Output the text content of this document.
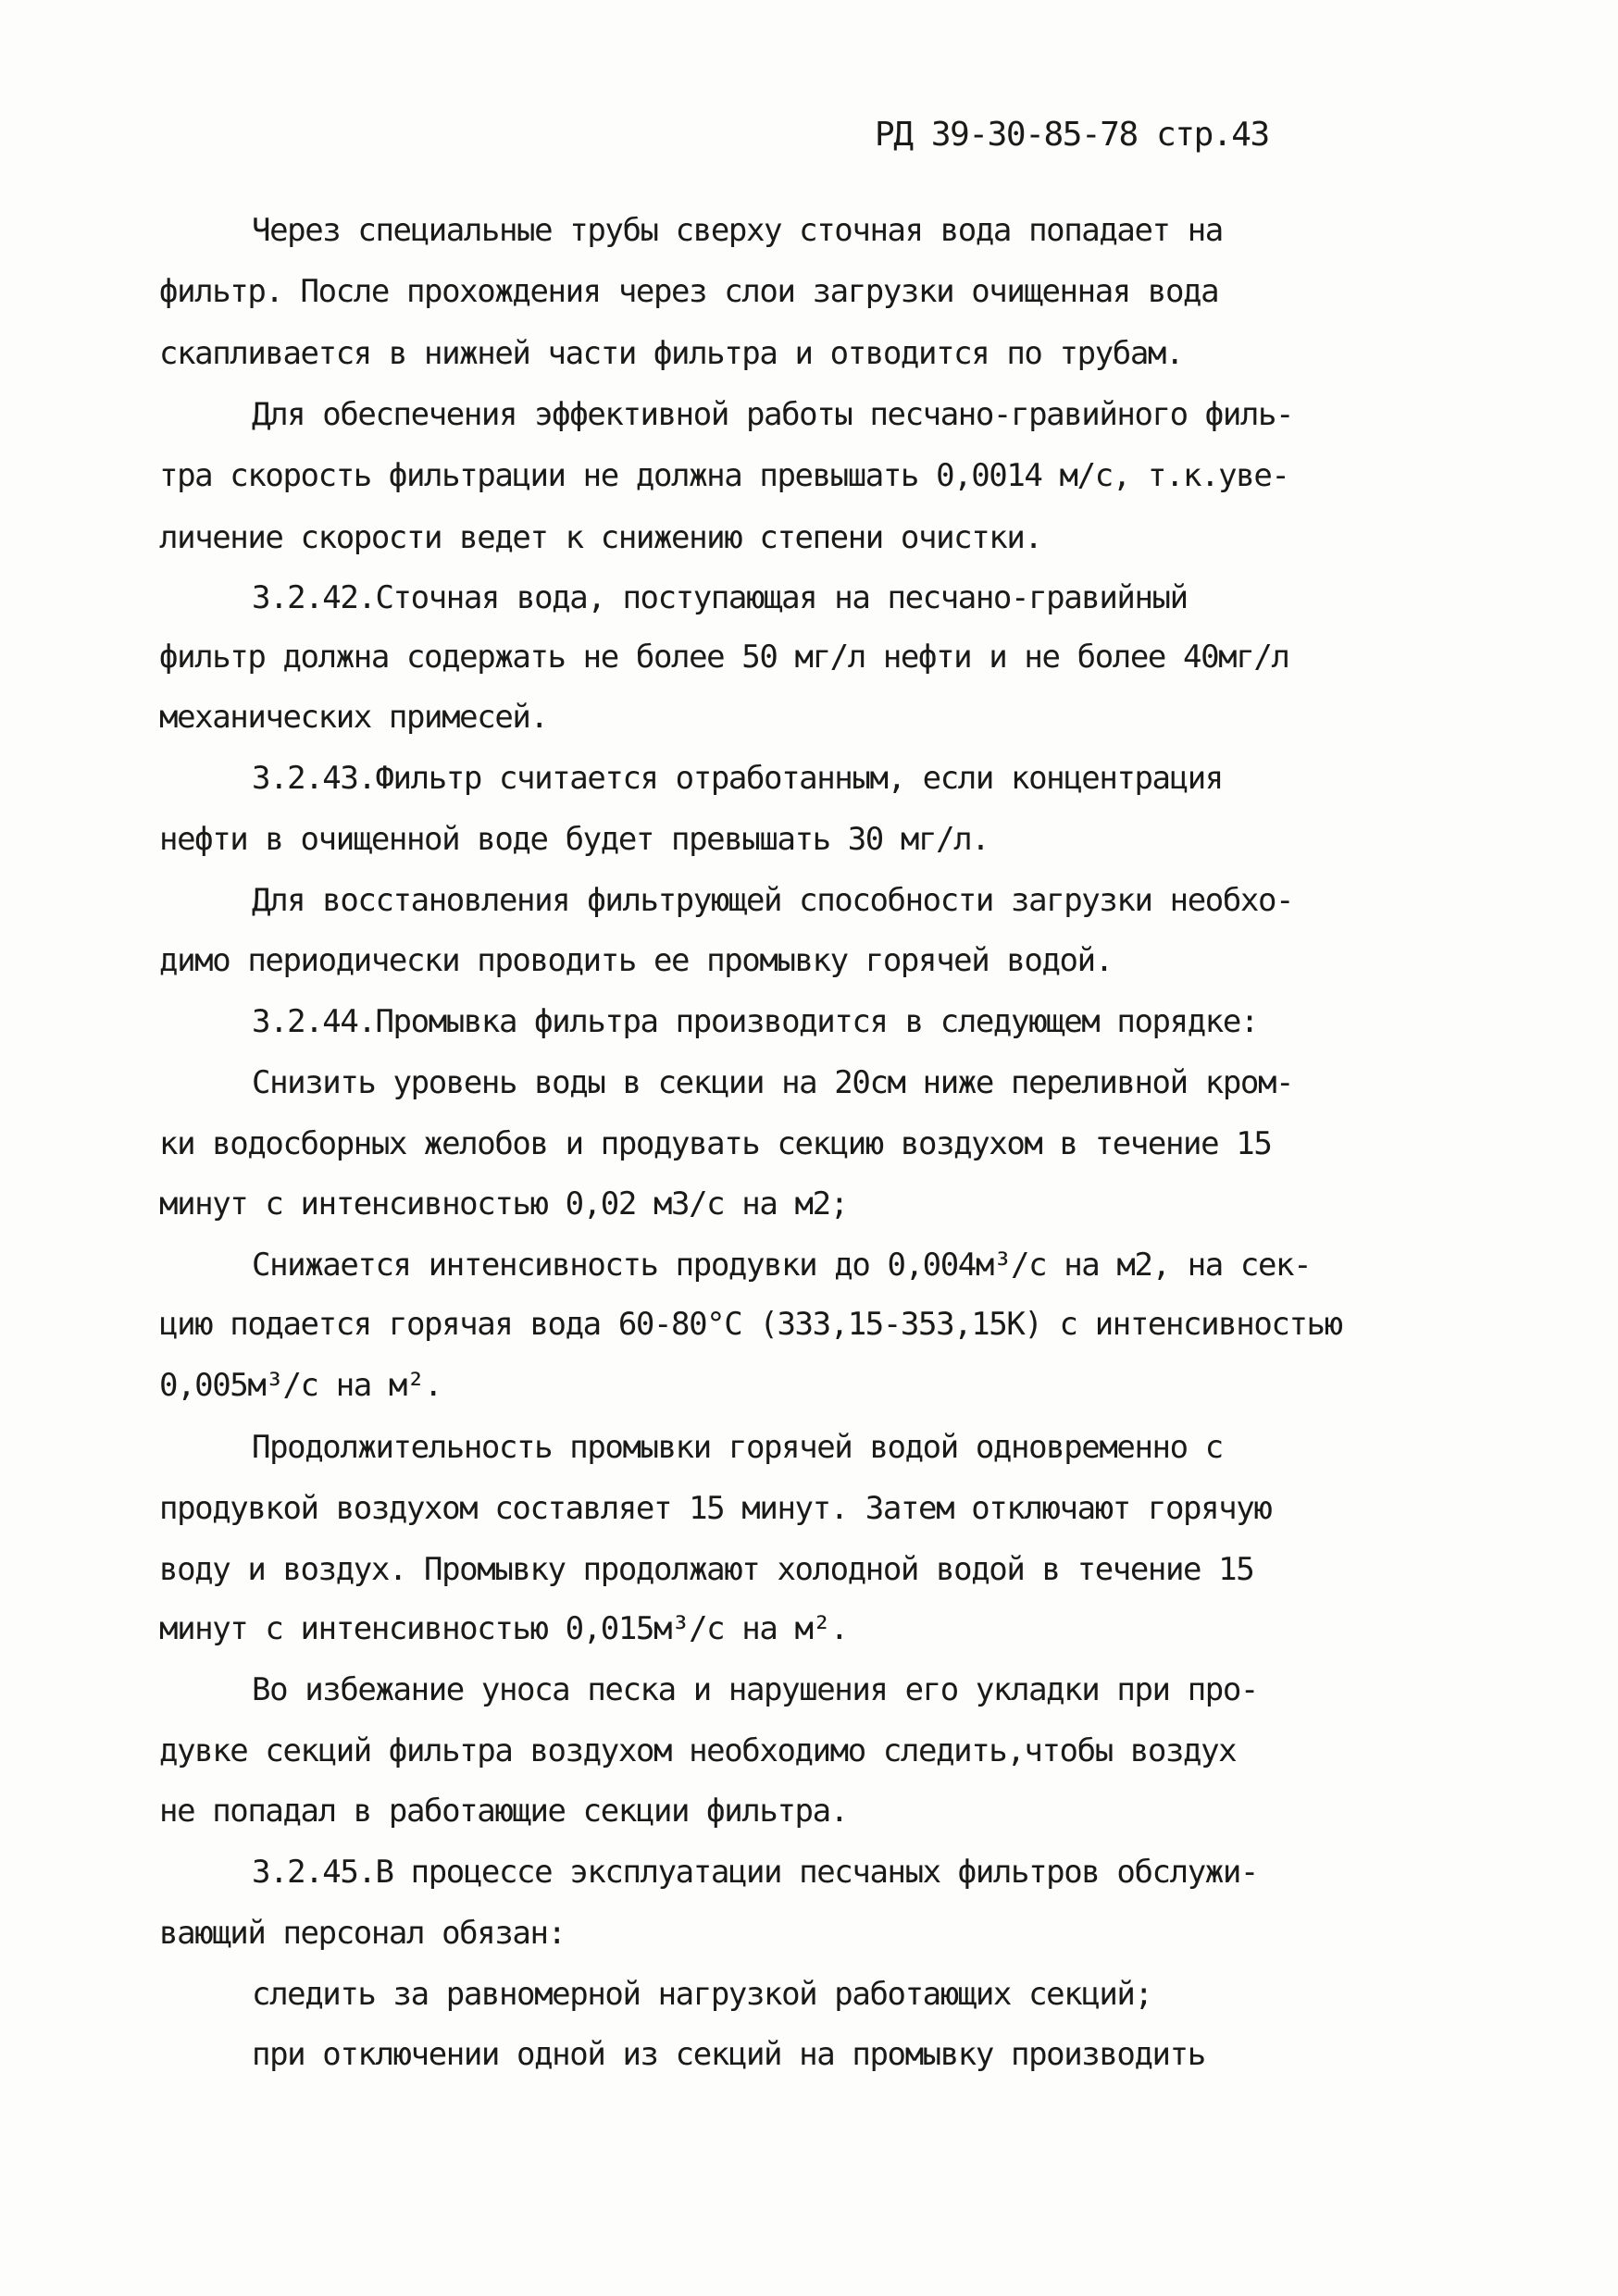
РД 39-30-85-78 стр.43
Через специальные трубы сверху сточная вода попадает на
фильтр. После прохождения через слои загрузки очищенная вода
скапливается в нижней части фильтра и отводится по трубам.
Для обеспечения эффективной работы песчано-гравийного филь-
тра скорость фильтрации не должна превышать 0,0014 м/с, т.к.уве-
личение скорости ведет к снижению степени очистки.
3.2.42.Сточная вода, поступающая на песчано-гравийный
фильтр должна содержать не более 50 мг/л нефти и не более 40мг/л
механических примесей.
3.2.43.Фильтр считается отработанным, если концентрация
нефти в очищенной воде будет превышать 30 мг/л.
Для восстановления фильтрующей способности загрузки необхо-
димо периодически проводить ее промывку горячей водой.
3.2.44.Промывка фильтра производится в следующем порядке:
Снизить уровень воды в секции на 20см ниже переливной кром-
ки водосборных желобов и продувать секцию воздухом в течение 15
минут с интенсивностью 0,02 м3/с на м2;
Снижается интенсивность продувки до 0,004м³/с на м2, на сек-
цию подается горячая вода 60-80°С (333,15-353,15К) с интенсивностью
0,005м³/с на м².
Продолжительность промывки горячей водой одновременно с
продувкой воздухом составляет 15 минут. Затем отключают горячую
воду и воздух. Промывку продолжают холодной водой в течение 15
минут с интенсивностью 0,015м³/с на м².
Во избежание уноса песка и нарушения его укладки при про-
дувке секций фильтра воздухом необходимо следить,чтобы воздух
не попадал в работающие секции фильтра.
3.2.45.В процессе эксплуатации песчаных фильтров обслужи-
вающий персонал обязан:
следить за равномерной нагрузкой работающих секций;
при отключении одной из секций на промывку производить
